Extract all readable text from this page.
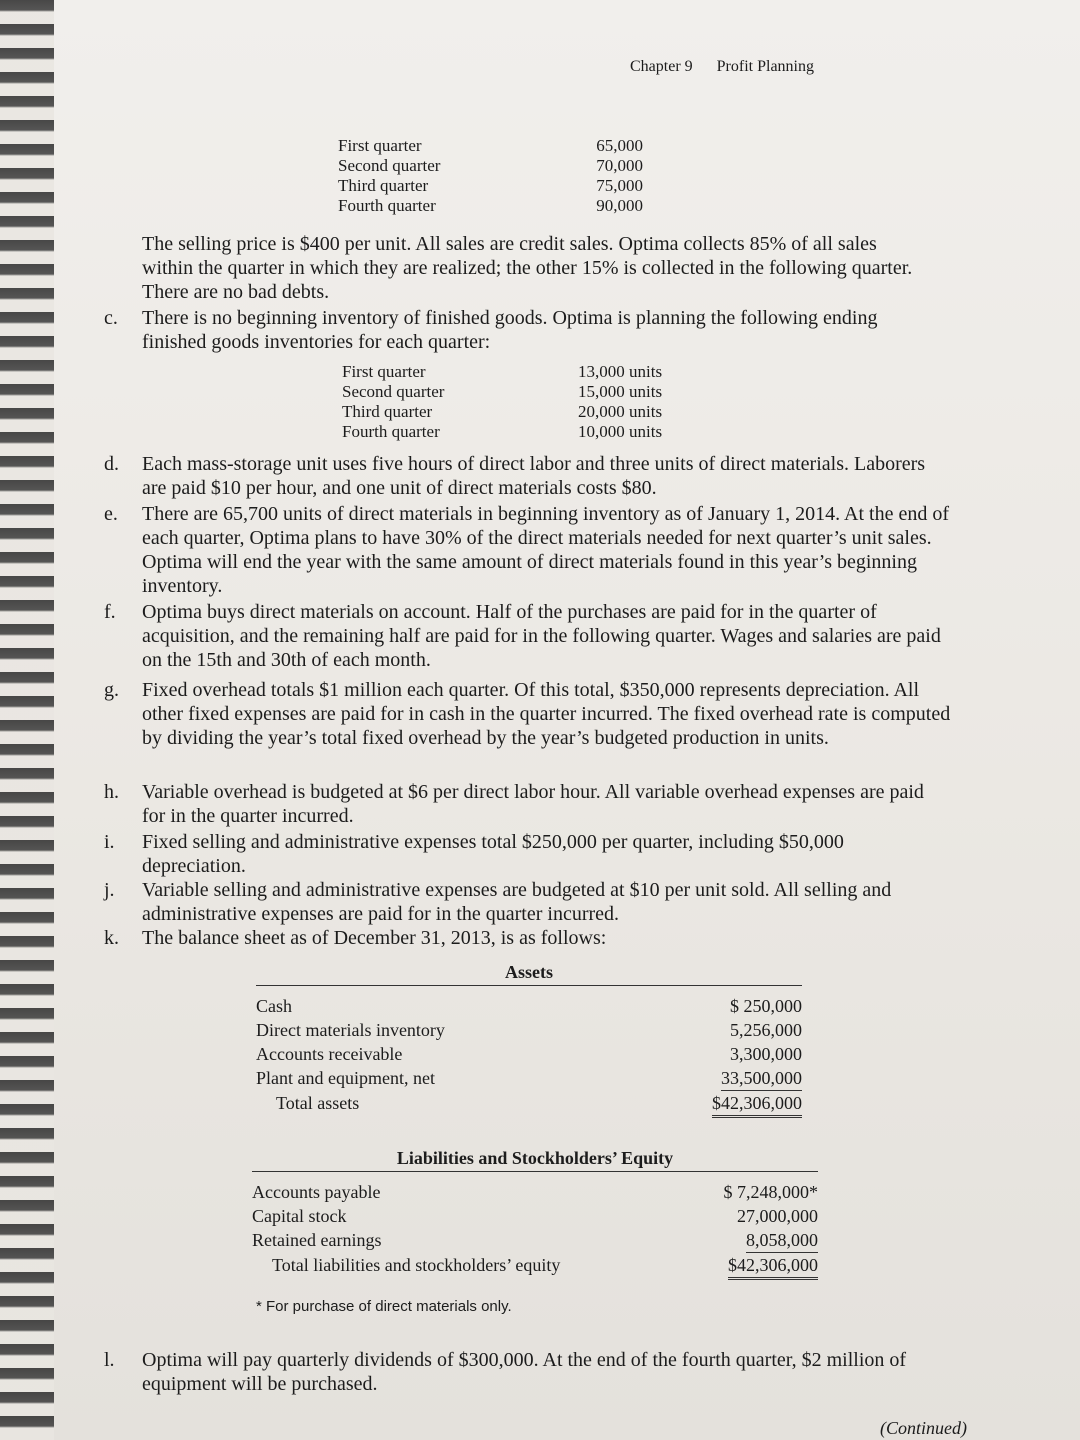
Chapter 9 Profit Planning
First quarter	65,000
Second quarter	70,000
Third quarter	75,000
Fourth quarter	90,000
The selling price is $400 per unit. All sales are credit sales. Optima collects 85% of all sales within the quarter in which they are realized; the other 15% is collected in the following quarter. There are no bad debts.
c.	There is no beginning inventory of finished goods. Optima is planning the following ending finished goods inventories for each quarter:
First quarter	13,000 units
Second quarter	15,000 units
Third quarter	20,000 units
Fourth quarter	10,000 units
d.	Each mass-storage unit uses five hours of direct labor and three units of direct materials. Laborers are paid $10 per hour, and one unit of direct materials costs $80.
e.	There are 65,700 units of direct materials in beginning inventory as of January 1, 2014. At the end of each quarter, Optima plans to have 30% of the direct materials needed for next quarter’s unit sales. Optima will end the year with the same amount of direct materials found in this year’s beginning inventory.
f.	Optima buys direct materials on account. Half of the purchases are paid for in the quarter of acquisition, and the remaining half are paid for in the following quarter. Wages and salaries are paid on the 15th and 30th of each month.
g.	Fixed overhead totals $1 million each quarter. Of this total, $350,000 represents depreciation. All other fixed expenses are paid for in cash in the quarter incurred. The fixed overhead rate is computed by dividing the year’s total fixed overhead by the year’s budgeted production in units.
h.	Variable overhead is budgeted at $6 per direct labor hour. All variable overhead expenses are paid for in the quarter incurred.
i.	Fixed selling and administrative expenses total $250,000 per quarter, including $50,000 depreciation.
j.	Variable selling and administrative expenses are budgeted at $10 per unit sold. All selling and administrative expenses are paid for in the quarter incurred.
k.	The balance sheet as of December 31, 2013, is as follows:
Assets
Cash	$ 250,000
Direct materials inventory	5,256,000
Accounts receivable	3,300,000
Plant and equipment, net	33,500,000
Total assets	$42,306,000
Liabilities and Stockholders’ Equity
Accounts payable	$ 7,248,000*
Capital stock	27,000,000
Retained earnings	8,058,000
Total liabilities and stockholders’ equity	$42,306,000
* For purchase of direct materials only.
l.	Optima will pay quarterly dividends of $300,000. At the end of the fourth quarter, $2 million of equipment will be purchased.
(Continued)
